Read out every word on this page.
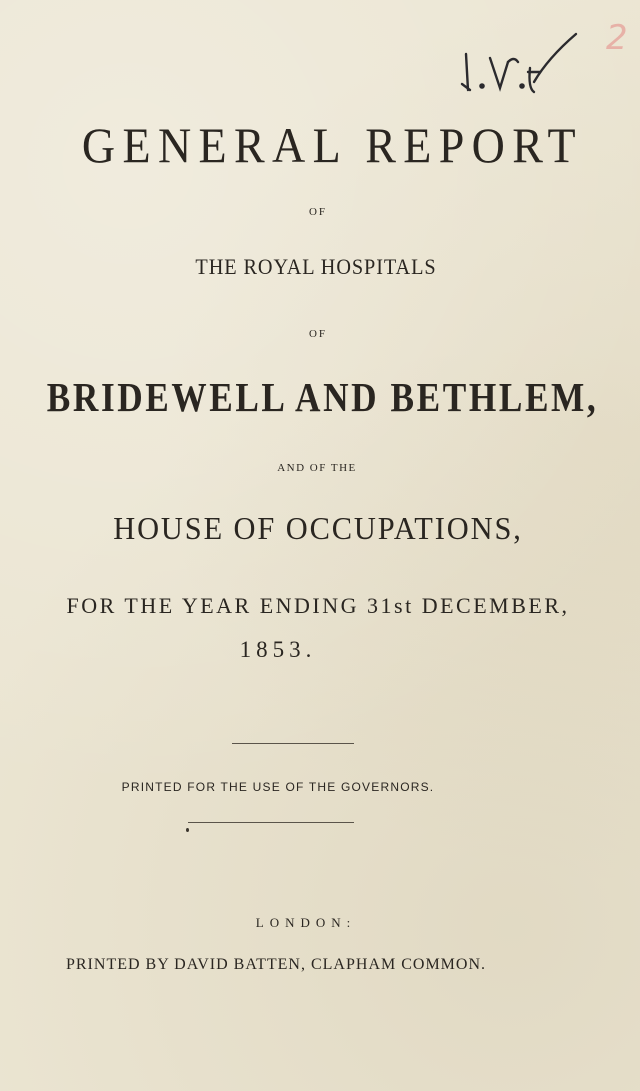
2
GENERAL REPORT
OF
THE ROYAL HOSPITALS
OF
BRIDEWELL AND BETHLEM,
AND OF THE
HOUSE OF OCCUPATIONS,
FOR THE YEAR ENDING 31st DECEMBER,
1853.
PRINTED FOR THE USE OF THE GOVERNORS.
LONDON:
PRINTED BY DAVID BATTEN, CLAPHAM COMMON.
